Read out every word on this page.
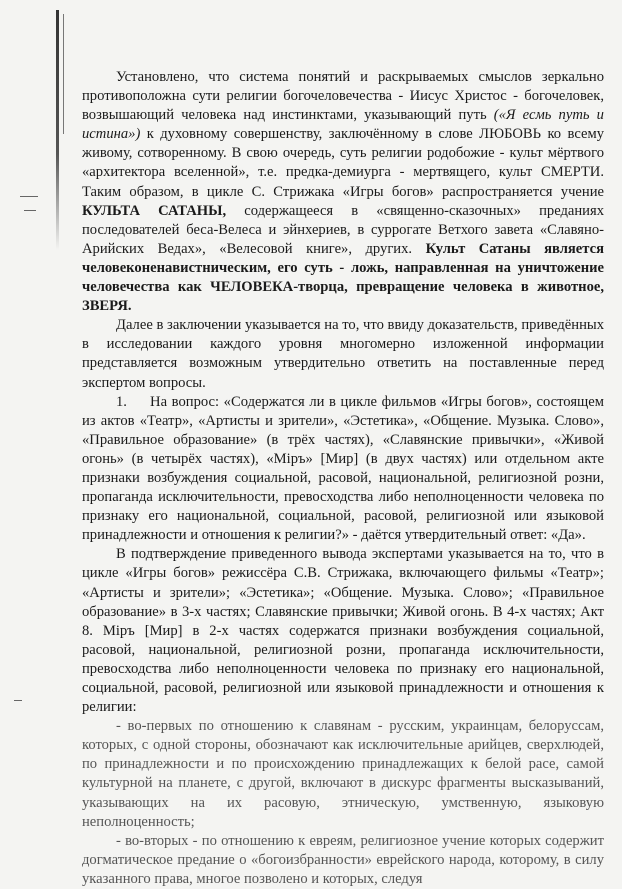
Установлено, что система понятий и раскрываемых смыслов зеркально противоположна сути религии богочеловечества - Иисус Христос - богочеловек, возвышающий человека над инстинктами, указывающий путь («Я есмь путь и истина») к духовному совершенству, заключённому в слове ЛЮБОВЬ ко всему живому, сотворенному. В свою очередь, суть религии родобожие - культ мёртвого «архитектора вселенной», т.е. предка-демиурга - мертвящего, культ СМЕРТИ. Таким образом, в цикле С. Стрижака «Игры богов» распространяется учение КУЛЬТА САТАНЫ, содержащееся в «священно-сказочных» преданиях последователей беса-Велеса и эйнхериев, в суррогате Ветхого завета «Славяно-Арийских Ведах», «Велесовой книге», других. Культ Сатаны является человеконенавистническим, его суть - ложь, направленная на уничтожение человечества как ЧЕЛОВЕКА-творца, превращение человека в животное, ЗВЕРЯ.

Далее в заключении указывается на то, что ввиду доказательств, приведённых в исследовании каждого уровня многомерно изложенной информации представляется возможным утвердительно ответить на поставленные перед экспертом вопросы.

1.     На вопрос: «Содержатся ли в цикле фильмов «Игры богов», состоящем из актов «Театр», «Артисты и зрители», «Эстетика», «Общение. Музыка. Слово», «Правильное образование» (в трёх частях), «Славянские привычки», «Живой огонь» (в четырёх частях), «Міръ» [Мир] (в двух частях) или отдельном акте признаки возбуждения социальной, расовой, национальной, религиозной розни, пропаганда исключительности, превосходства либо неполноценности человека по признаку его национальной, социальной, расовой, религиозной или языковой принадлежности и отношения к религии?» - даётся утвердительный ответ: «Да».

В подтверждение приведенного вывода экспертами указывается на то, что в цикле «Игры богов» режиссёра С.В. Стрижака, включающего фильмы «Театр»; «Артисты и зрители»; «Эстетика»; «Общение. Музыка. Слово»; «Правильное образование» в 3-х частях; Славянские привычки; Живой огонь. В 4-х частях; Акт 8. Міръ [Мир] в 2-х частях содержатся признаки возбуждения социальной, расовой, национальной, религиозной розни, пропаганда исключительности, превосходства либо неполноценности человека по признаку его национальной, социальной, расовой, религиозной или языковой принадлежности и отношения к религии:

- во-первых по отношению к славянам - русским, украинцам, белоруссам, которых, с одной стороны, обозначают как исключительные арийцев, сверхлюдей, по принадлежности и по происхождению принадлежащих к белой расе, самой культурной на планете, с другой, включают в дискурс фрагменты высказываний, указывающих на их расовую, этническую, умственную, языковую неполноценность;

- во-вторых - по отношению к евреям, религиозное учение которых содержит догматическое предание о «богоизбранности» еврейского народа, которому, в силу указанного права, многое позволено и которых, следуя
